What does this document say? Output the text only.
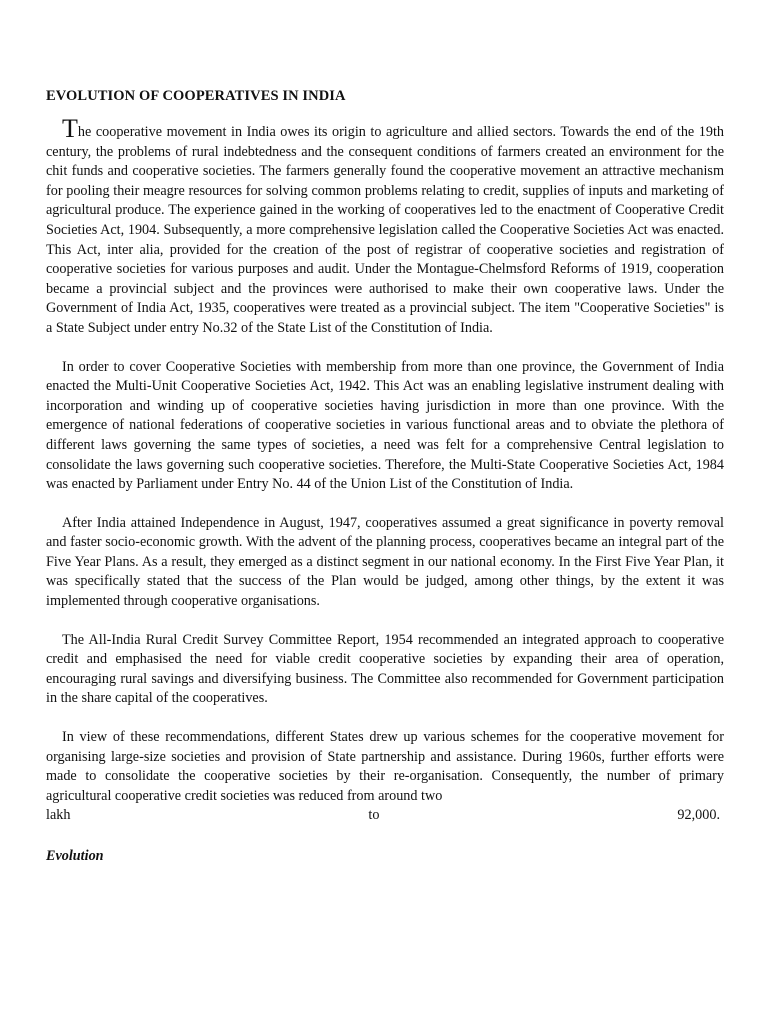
EVOLUTION OF COOPERATIVES IN INDIA

The cooperative movement in India owes its origin to agriculture and allied sectors. Towards the end of the 19th century, the problems of rural indebtedness and the consequent conditions of farmers created an environment for the chit funds and cooperative societies. The farmers generally found the cooperative movement an attractive mechanism for pooling their meagre resources for solving common problems relating to credit, supplies of inputs and marketing of agricultural produce. The experience gained in the working of cooperatives led to the enactment of Cooperative Credit Societies Act, 1904. Subsequently, a more comprehensive legislation called the Cooperative Societies Act was enacted. This Act, inter alia, provided for the creation of the post of registrar of cooperative societies and registration of cooperative societies for various purposes and audit. Under the Montague-Chelmsford Reforms of 1919, cooperation became a provincial subject and the provinces were authorised to make their own cooperative laws. Under the Government of India Act, 1935, cooperatives were treated as a provincial subject. The item "Cooperative Societies" is a State Subject under entry No.32 of the State List of the Constitution of India.

In order to cover Cooperative Societies with membership from more than one province, the Government of India enacted the Multi-Unit Cooperative Societies Act, 1942. This Act was an enabling legislative instrument dealing with incorporation and winding up of cooperative societies having jurisdiction in more than one province. With the emergence of national federations of cooperative societies in various functional areas and to obviate the plethora of different laws governing the same types of societies, a need was felt for a comprehensive Central legislation to consolidate the laws governing such cooperative societies. Therefore, the Multi-State Cooperative Societies Act, 1984 was enacted by Parliament under Entry No. 44 of the Union List of the Constitution of India.

After India attained Independence in August, 1947, cooperatives assumed a great significance in poverty removal and faster socio-economic growth. With the advent of the planning process, cooperatives became an integral part of the Five Year Plans. As a result, they emerged as a distinct segment in our national economy. In the First Five Year Plan, it was specifically stated that the success of the Plan would be judged, among other things, by the extent it was implemented through cooperative organisations.

The All-India Rural Credit Survey Committee Report, 1954 recommended an integrated approach to cooperative credit and emphasised the need for viable credit cooperative societies by expanding their area of operation, encouraging rural savings and diversifying business. The Committee also recommended for Government participation in the share capital of the cooperatives.

In view of these recommendations, different States drew up various schemes for the cooperative movement for organising large-size societies and provision of State partnership and assistance. During 1960s, further efforts were made to consolidate the cooperative societies by their re-organisation. Consequently, the number of primary agricultural cooperative credit societies was reduced from around two

lakh	to	92,000.
Evolution
